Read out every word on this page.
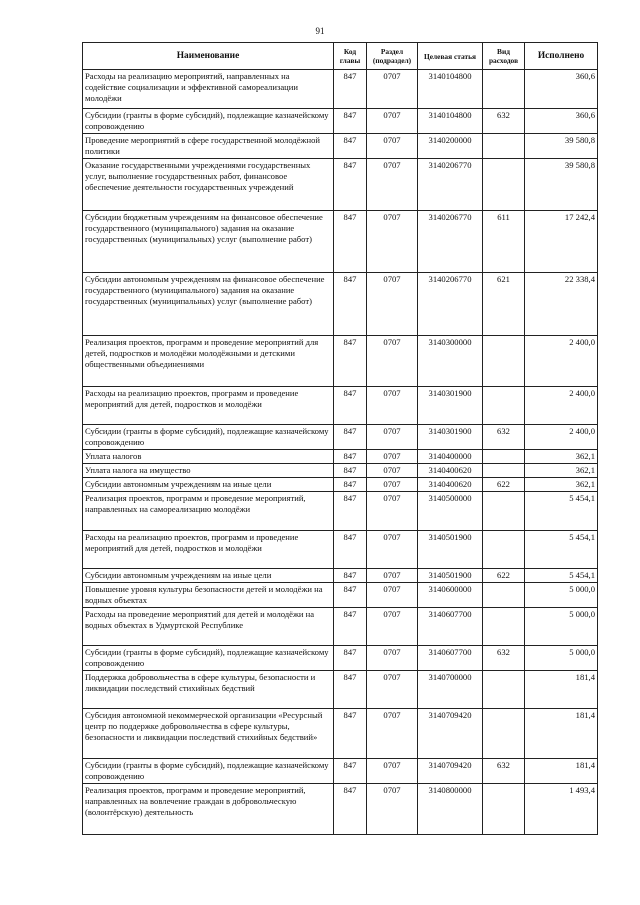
91
Наименование	Код главы	Раздел (подраздел)	Целевая статья	Вид расходов	Исполнено
Расходы на реализацию мероприятий, направленных на содействие социализации и эффективной самореализации молодёжи	847	0707	3140104800		360,6
Субсидии (гранты в форме субсидий), подлежащие казначейскому сопровождению	847	0707	3140104800	632	360,6
Проведение мероприятий в сфере государственной молодёжной политики	847	0707	3140200000		39 580,8
Оказание государственными учреждениями государственных услуг, выполнение государственных работ, финансовое обеспечение деятельности государственных учреждений	847	0707	3140206770		39 580,8
Субсидии бюджетным учреждениям на финансовое обеспечение государственного (муниципального) задания на оказание государственных (муниципальных) услуг (выполнение работ)	847	0707	3140206770	611	17 242,4
Субсидии автономным учреждениям на финансовое обеспечение государственного (муниципального) задания на оказание государственных (муниципальных) услуг (выполнение работ)	847	0707	3140206770	621	22 338,4
Реализация проектов, программ и проведение мероприятий для детей, подростков и молодёжи молодёжными и детскими общественными объединениями	847	0707	3140300000		2 400,0
Расходы на реализацию проектов, программ и проведение мероприятий для детей, подростков и молодёжи	847	0707	3140301900		2 400,0
Субсидии (гранты в форме субсидий), подлежащие казначейскому сопровождению	847	0707	3140301900	632	2 400,0
Уплата налогов	847	0707	3140400000		362,1
Уплата налога на имущество	847	0707	3140400620		362,1
Субсидии автономным учреждениям на иные цели	847	0707	3140400620	622	362,1
Реализация проектов, программ и проведение мероприятий, направленных на самореализацию молодёжи	847	0707	3140500000		5 454,1
Расходы на реализацию проектов, программ и проведение мероприятий для детей, подростков и молодёжи	847	0707	3140501900		5 454,1
Субсидии автономным учреждениям на иные цели	847	0707	3140501900	622	5 454,1
Повышение уровня культуры безопасности детей и молодёжи на водных объектах	847	0707	3140600000		5 000,0
Расходы на проведение мероприятий для детей и молодёжи на водных объектах в Удмуртской Республике	847	0707	3140607700		5 000,0
Субсидии (гранты в форме субсидий), подлежащие казначейскому сопровождению	847	0707	3140607700	632	5 000,0
Поддержка добровольчества в сфере культуры, безопасности и ликвидации последствий стихийных бедствий	847	0707	3140700000		181,4
Субсидия автономной некоммерческой организации «Ресурсный центр по поддержке добровольчества в сфере культуры, безопасности и ликвидации последствий стихийных бедствий»	847	0707	3140709420		181,4
Субсидии (гранты в форме субсидий), подлежащие казначейскому сопровождению	847	0707	3140709420	632	181,4
Реализация проектов, программ и проведение мероприятий, направленных на вовлечение граждан в добровольческую (волонтёрскую) деятельность	847	0707	3140800000		1 493,4
